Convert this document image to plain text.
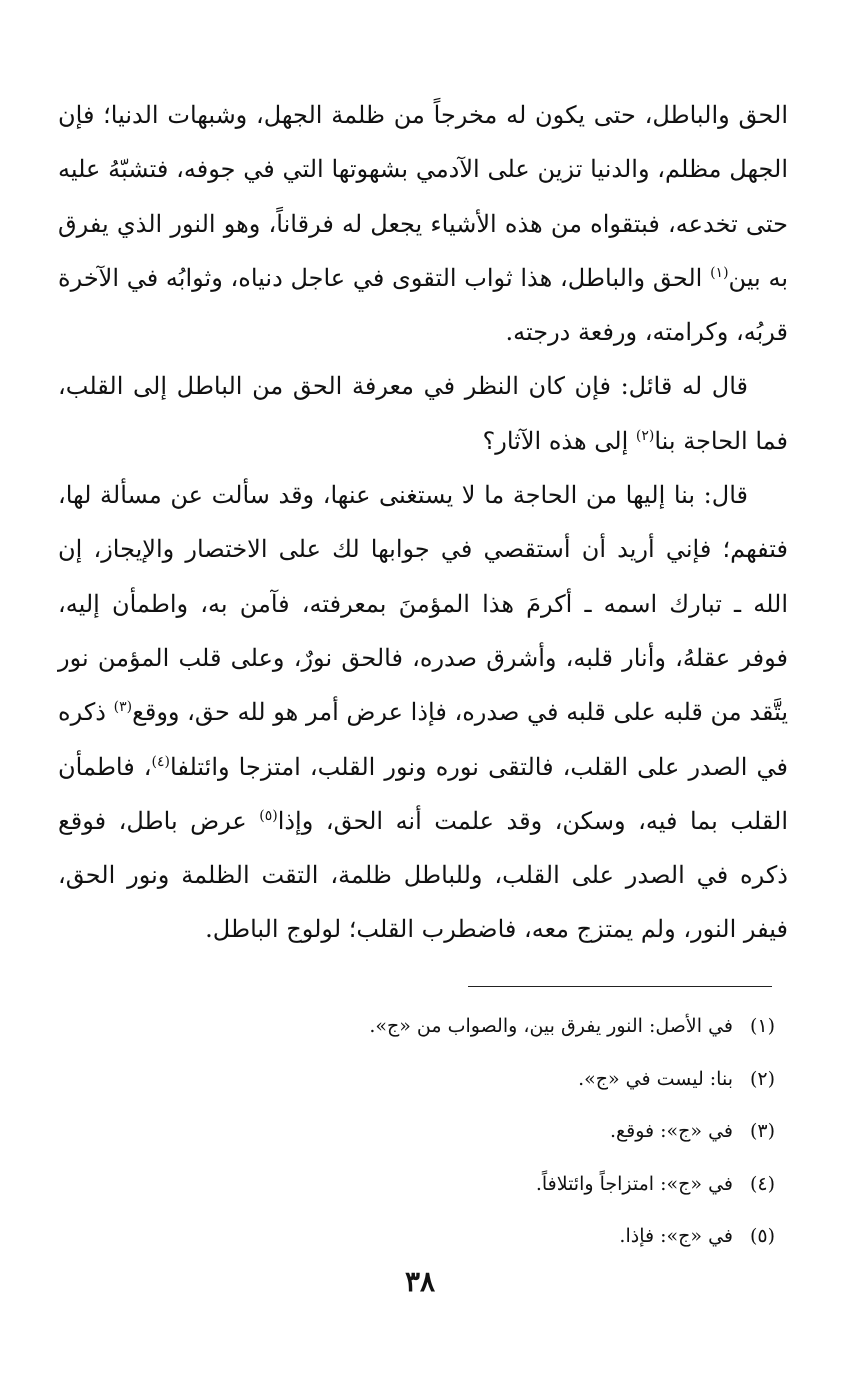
الحق والباطل، حتى يكون له مخرجاً من ظلمة الجهل، وشبهات الدنيا؛ فإن الجهل مظلم، والدنيا تزين على الآدمي بشهوتها التي في جوفه، فتشبّهُ عليه حتى تخدعه، فبتقواه من هذه الأشياء يجعل له فرقاناً، وهو النور الذي يفرق به بين$^{(١)}$ الحق والباطل، هذا ثواب التقوى في عاجل دنياه، وثوابُه في الآخرة قربُه، وكرامته، ورفعة درجته.

قال له قائل: فإن كان النظر في معرفة الحق من الباطل إلى القلب، فما الحاجة بنا$^{(٢)}$ إلى هذه الآثار؟

قال: بنا إليها من الحاجة ما لا يستغنى عنها، وقد سألت عن مسألة لها، فتفهم؛ فإني أريد أن أستقصي في جوابها لك على الاختصار والإيجاز، إن الله ـ تبارك اسمه ـ أكرمَ هذا المؤمنَ بمعرفته، فآمن به، واطمأن إليه، فوفر عقلهُ، وأنار قلبه، وأشرق صدره، فالحق نورٌ، وعلى قلب المؤمن نور يتَّقد من قلبه على قلبه في صدره، فإذا عرض أمر هو لله حق، ووقع$^{(٣)}$ ذكره في الصدر على القلب، فالتقى نوره ونور القلب، امتزجا وائتلفا$^{(٤)}$، فاطمأن القلب بما فيه، وسكن، وقد علمت أنه الحق، وإذا$^{(٥)}$ عرض باطل، فوقع ذكره في الصدر على القلب، وللباطل ظلمة، التقت الظلمة ونور الحق، فيفر النور، ولم يمتزج معه، فاضطرب القلب؛ لولوج الباطل.

(١)
في الأصل: النور يفرق بين، والصواب من «ج».
(٢)
بنا: ليست في «ج».
(٣)
في «ج»: فوقع.
(٤)
في «ج»: امتزاجاً وائتلافاً.
(٥)
في «ج»: فإذا.
٣٨
